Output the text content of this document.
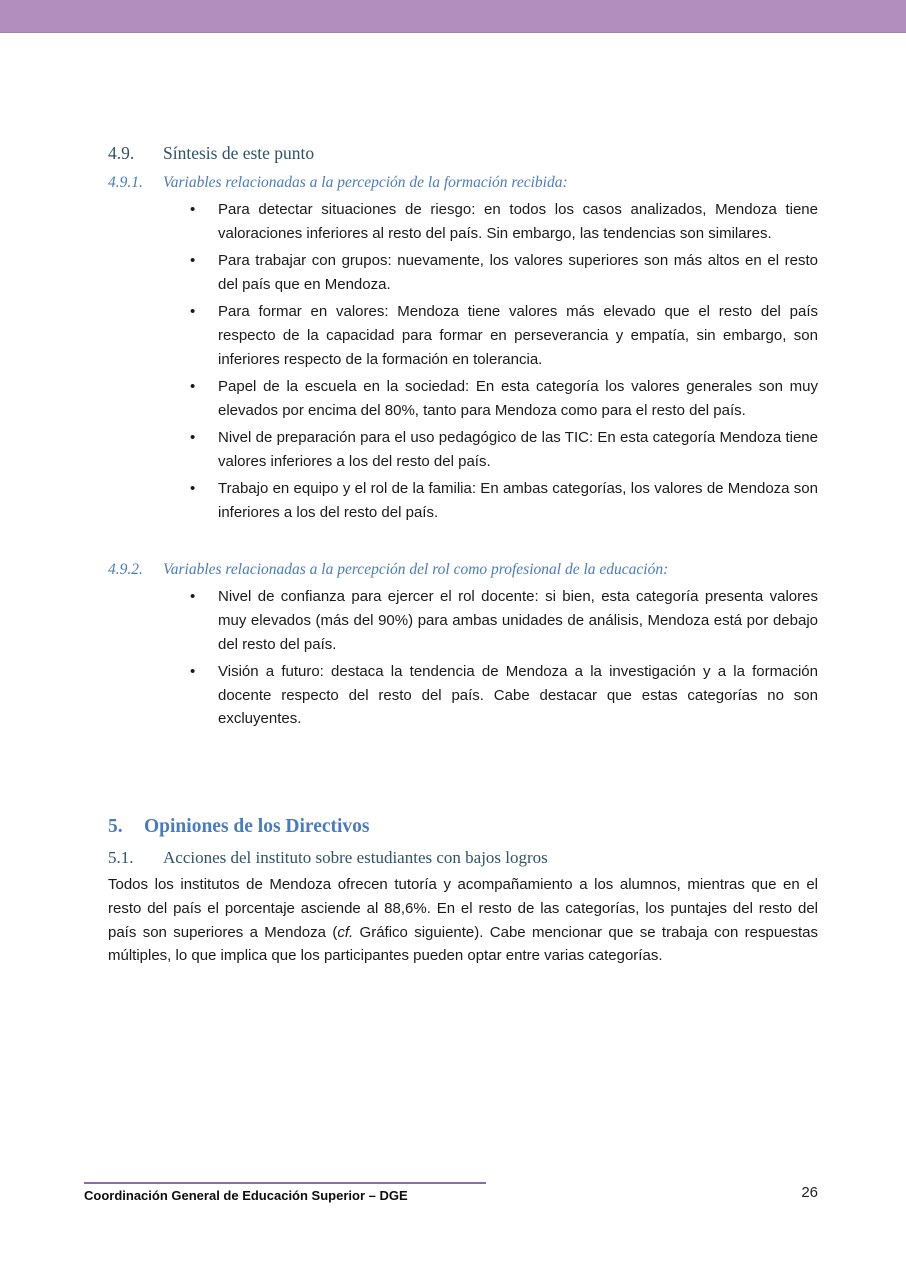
4.9.	Síntesis de este punto
4.9.1.	Variables relacionadas a la percepción de la formación recibida:
• Para detectar situaciones de riesgo: en todos los casos analizados, Mendoza tiene valoraciones inferiores al resto del país. Sin embargo, las tendencias son similares.
• Para trabajar con grupos: nuevamente, los valores superiores son más altos en el resto del país que en Mendoza.
• Para formar en valores: Mendoza tiene valores más elevado que el resto del país respecto de la capacidad para formar en perseverancia y empatía, sin embargo, son inferiores respecto de la formación en tolerancia.
• Papel de la escuela en la sociedad: En esta categoría los valores generales son muy elevados por encima del 80%, tanto para Mendoza como para el resto del país.
• Nivel de preparación para el uso pedagógico de las TIC: En esta categoría Mendoza tiene valores inferiores a los del resto del país.
• Trabajo en equipo y el rol de la familia: En ambas categorías, los valores de Mendoza son inferiores a los del resto del país.
4.9.2.	Variables relacionadas a la percepción del rol como profesional de la educación:
• Nivel de confianza para ejercer el rol docente: si bien, esta categoría presenta valores muy elevados (más del 90%) para ambas unidades de análisis, Mendoza está por debajo del resto del país.
• Visión a futuro: destaca la tendencia de Mendoza a la investigación y a la formación docente respecto del resto del país. Cabe destacar que estas categorías no son excluyentes.
5.	Opiniones de los Directivos
5.1.	Acciones del instituto sobre estudiantes con bajos logros
Todos los institutos de Mendoza ofrecen tutoría y acompañamiento a los alumnos, mientras que en el resto del país el porcentaje asciende al 88,6%. En el resto de las categorías, los puntajes del resto del país son superiores a Mendoza (cf. Gráfico siguiente). Cabe mencionar que se trabaja con respuestas múltiples, lo que implica que los participantes pueden optar entre varias categorías.
Coordinación General de Educación Superior – DGE	26
